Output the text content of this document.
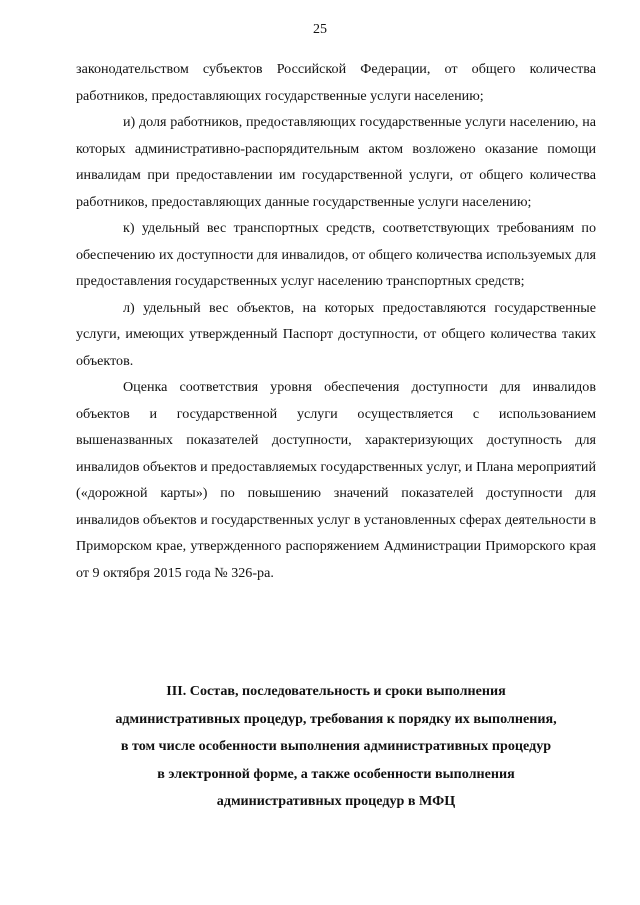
25

законодательством субъектов Российской Федерации, от общего количества работников, предоставляющих государственные услуги населению;

и) доля работников, предоставляющих государственные услуги населению, на которых административно-распорядительным актом возложено оказание помощи инвалидам при предоставлении им государственной услуги, от общего количества работников, предоставляющих данные государственные услуги населению;

к) удельный вес транспортных средств, соответствующих требованиям по обеспечению их доступности для инвалидов, от общего количества используемых для предоставления государственных услуг населению транспортных средств;

л) удельный вес объектов, на которых предоставляются государственные услуги, имеющих утвержденный Паспорт доступности, от общего количества таких объектов.

Оценка соответствия уровня обеспечения доступности для инвалидов объектов и государственной услуги осуществляется с использованием вышеназванных показателей доступности, характеризующих доступность для инвалидов объектов и предоставляемых государственных услуг, и Плана мероприятий («дорожной карты») по повышению значений показателей доступности для инвалидов объектов и государственных услуг в установленных сферах деятельности в Приморском крае, утвержденного распоряжением Администрации Приморского края от 9 октября 2015 года № 326-ра.

III. Состав, последовательность и сроки выполнения
административных процедур, требования к порядку их выполнения,
в том числе особенности выполнения административных процедур
в электронной форме, а также особенности выполнения
административных процедур в МФЦ
